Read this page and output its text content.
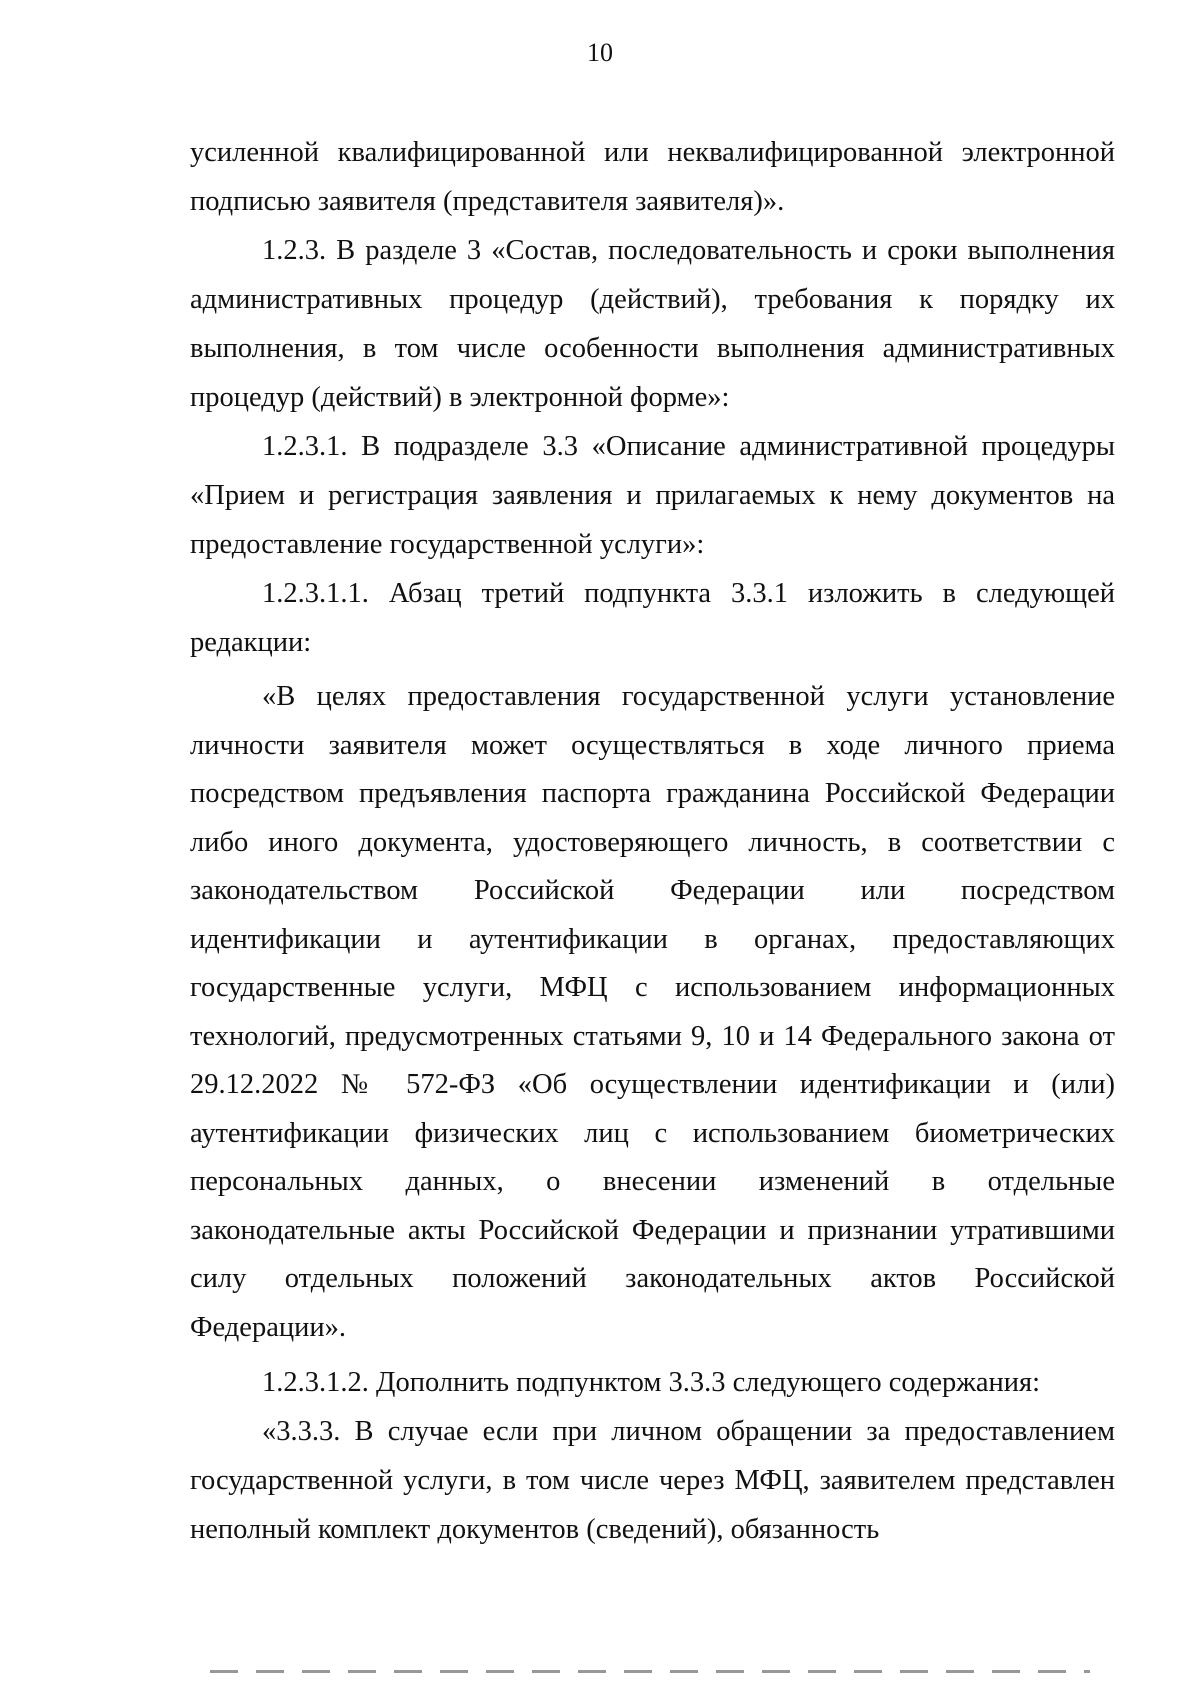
10

усиленной квалифицированной или неквалифицированной электронной подписью заявителя (представителя заявителя)».

1.2.3. В разделе 3 «Состав, последовательность и сроки выполнения административных процедур (действий), требования к порядку их выполнения, в том числе особенности выполнения административных процедур (действий) в электронной форме»:

1.2.3.1. В подразделе 3.3 «Описание административной процедуры «Прием и регистрация заявления и прилагаемых к нему документов на предоставление государственной услуги»:

1.2.3.1.1. Абзац третий подпункта 3.3.1 изложить в следующей редакции:

«В целях предоставления государственной услуги установление личности заявителя может осуществляться в ходе личного приема посредством предъявления паспорта гражданина Российской Федерации либо иного документа, удостоверяющего личность, в соответствии с законодательством Российской Федерации или посредством идентификации и аутентификации в органах, предоставляющих государственные услуги, МФЦ с использованием информационных технологий, предусмотренных статьями 9, 10 и 14 Федерального закона от 29.12.2022 № 572-ФЗ «Об осуществлении идентификации и (или) аутентификации физических лиц с использованием биометрических персональных данных, о внесении изменений в отдельные законодательные акты Российской Федерации и признании утратившими силу отдельных положений законодательных актов Российской Федерации».

1.2.3.1.2. Дополнить подпунктом 3.3.3 следующего содержания:

«3.3.3. В случае если при личном обращении за предоставлением государственной услуги, в том числе через МФЦ, заявителем представлен неполный комплект документов (сведений), обязанность
